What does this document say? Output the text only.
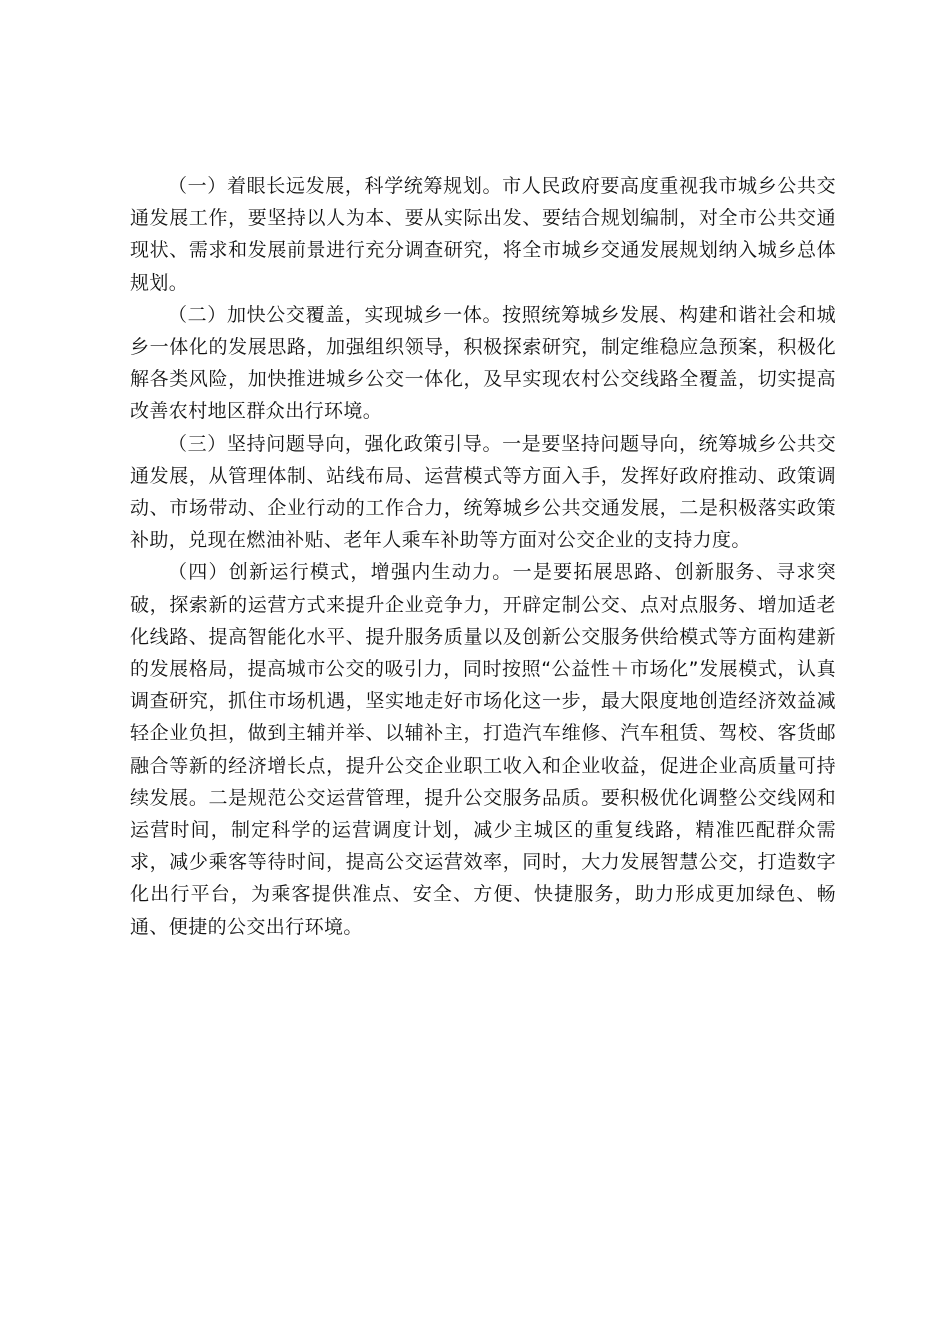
（一）着眼长远发展，科学统筹规划。市人民政府要高度重视我市城乡公共交通发展工作，要坚持以人为本、要从实际出发、要结合规划编制，对全市公共交通现状、需求和发展前景进行充分调查研究，将全市城乡交通发展规划纳入城乡总体规划。

（二）加快公交覆盖，实现城乡一体。按照统筹城乡发展、构建和谐社会和城乡一体化的发展思路，加强组织领导，积极探索研究，制定维稳应急预案，积极化解各类风险，加快推进城乡公交一体化，及早实现农村公交线路全覆盖，切实提高改善农村地区群众出行环境。

（三）坚持问题导向，强化政策引导。一是要坚持问题导向，统筹城乡公共交通发展，从管理体制、站线布局、运营模式等方面入手，发挥好政府推动、政策调动、市场带动、企业行动的工作合力，统筹城乡公共交通发展，二是积极落实政策补助，兑现在燃油补贴、老年人乘车补助等方面对公交企业的支持力度。

（四）创新运行模式，增强内生动力。一是要拓展思路、创新服务、寻求突破，探索新的运营方式来提升企业竞争力，开辟定制公交、点对点服务、增加适老化线路、提高智能化水平、提升服务质量以及创新公交服务供给模式等方面构建新的发展格局，提高城市公交的吸引力，同时按照“公益性＋市场化”发展模式，认真调查研究，抓住市场机遇，坚实地走好市场化这一步，最大限度地创造经济效益减轻企业负担，做到主辅并举、以辅补主，打造汽车维修、汽车租赁、驾校、客货邮融合等新的经济增长点，提升公交企业职工收入和企业收益，促进企业高质量可持续发展。二是规范公交运营管理，提升公交服务品质。要积极优化调整公交线网和运营时间，制定科学的运营调度计划，减少主城区的重复线路，精准匹配群众需求，减少乘客等待时间，提高公交运营效率，同时，大力发展智慧公交，打造数字化出行平台，为乘客提供准点、安全、方便、快捷服务，助力形成更加绿色、畅通、便捷的公交出行环境。
